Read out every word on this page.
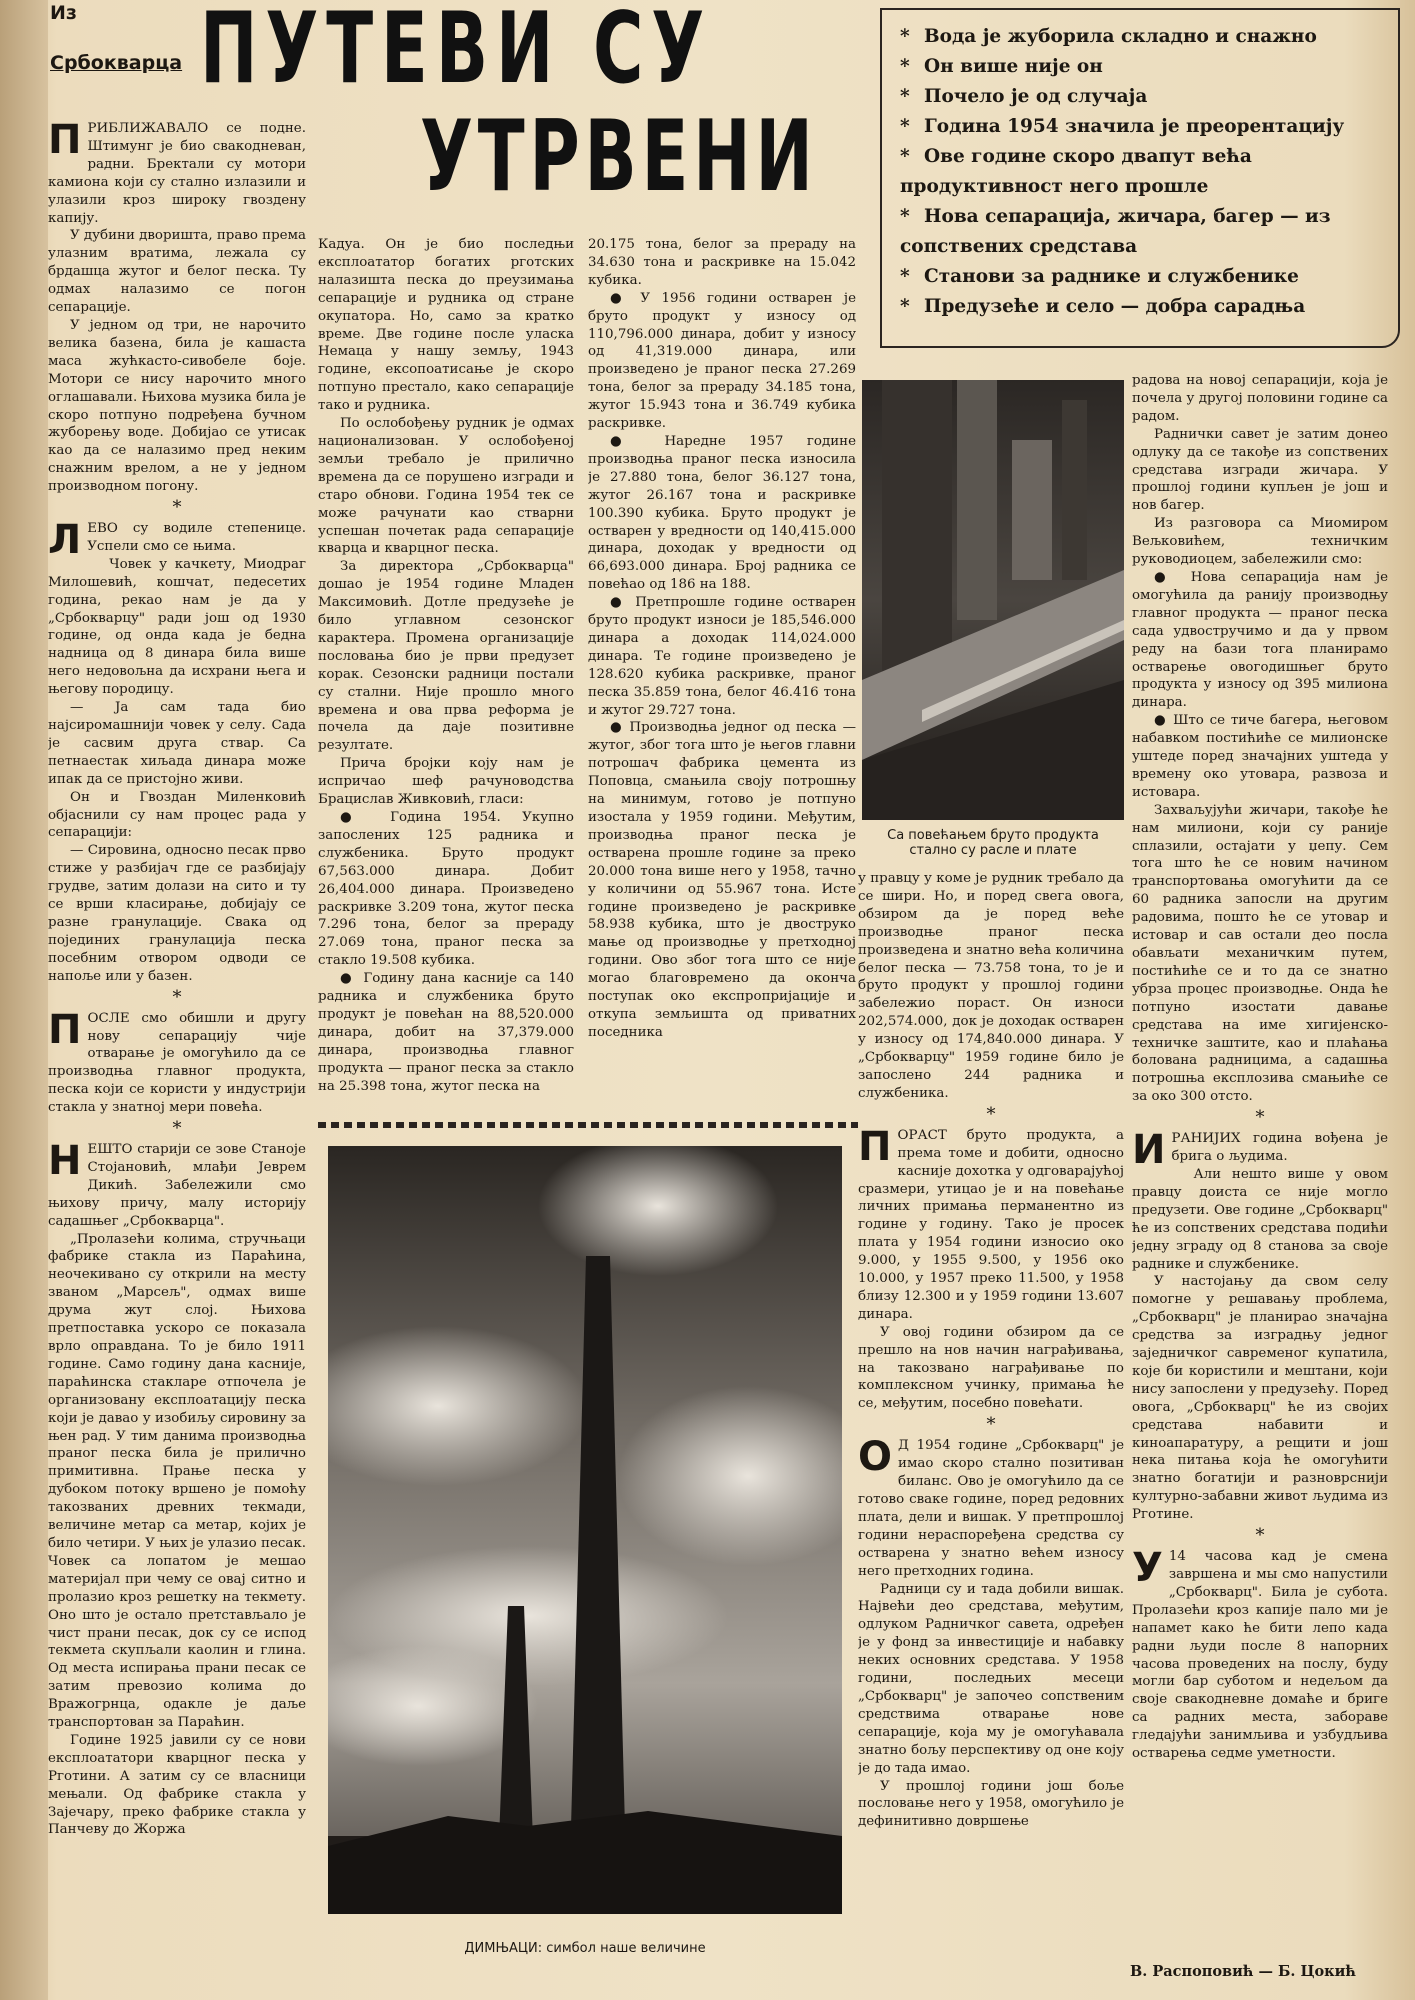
Из
Србокварца ПУТЕВИ СУ
УТРВЕНИ
* Вода је жуборила складно и снажно
* Он више није он
* Почело је од случаја
* Година 1954 значила је преорентацију
* Ове године скоро двапут већа продуктивност него прошле
* Нова сепарација, жичара, багер — из сопствених средстава
* Станови за раднике и службенике
* Предузеће и село — добра сарадња

ПРИБЛИЖАВАЛО се подне. Штимунг је био свакодневан, радни. Бректали су мотори камиона који су стално излазили и улазили кроз широку гвоздену капију.

У дубини дворишта, право према улазним вратима, лежала су брдашца жутог и белог песка. Ту одмах налазимо се погон сепарације.

У једном од три, не нарочито велика базена, била је кашаста маса жућкасто-сивобеле боје. Мотори се нису нарочито много оглашавали. Њихова музика била је скоро потпуно подређена бучном жуборењу воде. Добијао се утисак као да се налазимо пред неким снажним врелом, а не у једном производном погону.

*

ЛЕВО су водиле степенице. Успели смо се њима.

Човек у качкету, Миодраг Милошевић, кошчат, педесетих година, рекао нам је да у „Србокварцу" ради још од 1930 године, од онда када је бедна надница од 8 динара била више него недовољна да исхрани њега и његову породицу.

— Ја сам тада био најсиромашнији човек у селу. Сада је сасвим друга ствар. Са петнаестак хиљада динара може ипак да се пристојно живи.

Он и Гвоздан Миленковић објаснили су нам процес рада у сепарацији:

— Сировина, односно песак прво стиже у разбијач где се разбијају грудве, затим долази на сито и ту се врши класирање, добијају се разне гранулације. Свака од појединих гранулација песка посебним отвором одводи се напоље или у базен.

*

ПОСЛЕ смо обишли и другу нову сепарацију чије отварање је омогућило да се производња главног продукта, песка који се користи у индустрији стакла у знатној мери повећа.

*

НЕШТО старији се зове Станоје Стојановић, млађи Јеврем Дикић. Забележили смо њихову причу, малу историју садашњег „Србокварца".

„Пролазећи колима, стручњаци фабрике стакла из Параћина, неочекивано су открили на месту званом „Марсељ", одмах више друма жут слој. Њихова претпоставка ускоро се показала врло оправдана. То је било 1911 године. Само годину дана касније, параћинска стакларе отпочела је организовану експлоатацију песка који је давао у изобиљу сировину за њен рад. У тим данима производња праног песка била је прилично примитивна. Прање песка у дубоком потоку вршено је помоћу такозваних древних текмади, величине метар са метар, којих је било четири. У њих је улазио песак. Човек са лопатом је мешао материјал при чему се овај ситно и пролазио кроз решетку на текмету. Оно што је остало претстављало је чист прани песак, док су се испод текмета скупљали каолин и глина. Од места испирања прани песак се затим превозио колима до Вражогрнца, одакле је даље транспортован за Параћин.

Године 1925 јавили су се нови експлоататори кварцног песка у Рготини. А затим су се власници мењали. Од фабрике стакла у Зајечару, преко фабрике стакла у Панчеву до Жоржа

Кадуа. Он је био последњи експлоататор богатих рготских налазишта песка до преузимања сепарације и рудника од стране окупатора. Но, само за кратко време. Две године после уласка Немаца у нашу земљу, 1943 године, ексопоатисање је скоро потпуно престало, како сепарације тако и рудника.

По ослобођењу рудник је одмах национализован. У ослобођеној земљи требало је прилично времена да се порушено изгради и старо обнови. Година 1954 тек се може рачунати као стварни успешан почетак рада сепарације кварца и кварцног песка.

За директора „Србокварца" дошао је 1954 године Младен Максимовић. Дотле предузеће је било углавном сезонског карактера. Промена организације пословања био је први предузет корак. Сезонски радници постали су стални. Није прошло много времена и ова прва реформа је почела да даје позитивне резултате.

Прича бројки коју нам је испричао шеф рачуноводства Брацислав Живковић, гласи:

● Година 1954. Укупно запослених 125 радника и службеника. Бруто продукт 67,563.000 динара. Добит 26,404.000 динара. Произведено раскривке 3.209 тона, жутог песка 7.296 тона, белог за прераду 27.069 тона, праног песка за стакло 19.508 кубика.

● Годину дана касније са 140 радника и службеника бруто продукт је повећан на 88,520.000 динара, добит на 37,379.000 динара, производња главног продукта — праног песка за стакло на 25.398 тона, жутог песка на

20.175 тона, белог за прераду на 34.630 тона и раскривке на 15.042 кубика.

● У 1956 години остварен је бруто продукт у износу од 110,796.000 динара, добит у износу од 41,319.000 динара, или произведено је праног песка 27.269 тона, белог за прераду 34.185 тона, жутог 15.943 тона и 36.749 кубика раскривке.

● Наредне 1957 године производња праног песка износила је 27.880 тона, белог 36.127 тона, жутог 26.167 тона и раскривке 100.390 кубика. Бруто продукт је остварен у вредности од 140,415.000 динара, доходак у вредности од 66,693.000 динара. Број радника се повећао од 186 на 188.

● Претпрошле године остварен бруто продукт износи је 185,546.000 динара а доходак 114,024.000 динара. Те године произведено је 128.620 кубика раскривке, праног песка 35.859 тона, белог 46.416 тона и жутог 29.727 тона.

● Производња једног од песка — жутог, због тога што је његов главни потрошач фабрика цемента из Поповца, смањила своју потрошњу на минимум, готово је потпуно изостала у 1959 години. Међутим, производња праног песка је остварена прошле године за преко 20.000 тона више него у 1958, тачно у количини од 55.967 тона. Исте године произведено је раскривке 58.938 кубика, што је двоструко мање од производње у претходној години. Ово због тога што се није могао благовремено да оконча поступак око експропријације и откупа земљишта од приватних поседника

Са повећањем бруто продукта стално су расле и плате

у правцу у коме је рудник требало да се шири. Но, и поред свега овога, обзиром да је поред веће производње праног песка произведена и знатно већа количина белог песка — 73.758 тона, то је и бруто продукт у прошлој години забележио пораст. Он износи 202,574.000, док је доходак остварен у износу од 174,840.000 динара. У „Србокварцу" 1959 године било је запослено 244 радника и службеника.

*

ПОРАСТ бруто продукта, а према томе и добити, односно касније дохотка у одговарајућој сразмери, утицао је и на повећање личних примања перманентно из године у годину. Тако је просек плата у 1954 години износио око 9.000, у 1955 9.500, у 1956 око 10.000, у 1957 преко 11.500, у 1958 близу 12.300 и у 1959 години 13.607 динара.

У овој години обзиром да се прешло на нов начин награђивања, на такозвано награђивање по комплексном учинку, примања ће се, међутим, посебно повећати.

*

О Д 1954 године „Србокварц" је имао скоро стално позитиван биланс. Ово је омогућило да се готово сваке године, поред редовних плата, дели и вишак. У претпрошлој години нераспоређена средства су остварена у знатно већем износу него претходних година.

Радници су и тада добили вишак. Највећи део средстава, међутим, одлуком Радничког савета, одређен је у фонд за инвестиције и набавку неких основних средстава. У 1958 години, последњих месеци „Србокварц" је започео сопственим средствима отварање нове сепарације, која му је омогућавала знатно бољу перспективу од оне коју је до тада имао.

У прошлој години још боље пословање него у 1958, омогућило је дефинитивно довршење

радова на новој сепарацији, која је почела у другој половини године са радом.

Раднички савет је затим донео одлуку да се такође из сопствених средстава изгради жичара. У прошлој години купљен је још и нов багер.

Из разговора са Миомиром Вељковићем, техничким руководиоцем, забележили смо:

● Нова сепарација нам је омогућила да ранију производњу главног продукта — праног песка сада удвостручимо и да у првом реду на бази тога планирамо остварење овогодишњег бруто продукта у износу од 395 милиона динара.

● Што се тиче багера, његовом набавком постићиће се милионске уштеде поред значајних уштеда у времену око утовара, развоза и истовара.

Захваљујући жичари, такође ће нам милиони, који су раније сплазили, остајати у џепу. Сем тога што ће се новим начином транспортовања омогућити да се 60 радника запосли на другим радовима, пошто ће се утовар и истовар и сав остали део посла обављати механичким путем, постићиће се и то да се знатно убрза процес производње. Онда ће потпуно изостати давање средстава на име хигијенско-техничке заштите, као и плаћања болована радницима, а садашња потрошња експлозива смањиће се за око 300 отсто.

*

ИРАНИЈИХ година вођена је брига о људима.

Али нешто више у овом правцу доиста се није могло предузети. Ове године „Србокварц" ће из сопствених средстава подићи једну зграду од 8 станова за своје раднике и службенике.

У настојању да свом селу помогне у решавању проблема, „Србокварц" је планирао значајна средства за изградњу једног заједничког савременог купатила, које би користили и мештани, који нису запослени у предузећу. Поред овога, „Србокварц" ће из својих средстава набавити и киноапаратуру, а рещити и још нека питања која ће омогућити знатно богатији и разноврснији културно-забавни живот људима из Рготине.

*

У 14 часова кад је смена завршена и мы смо напустили „Србокварц". Била је субота. Пролазећи кроз капије пало ми је напамет како ће бити лепо када радни људи после 8 напорних часова проведених на послу, буду могли бар суботом и недељом да своје свакодневне домаће и бриге са радних места, забораве гледајући занимљива и узбудљива остварења седме уметности.

ДИМЊАЦИ: симбол наше величине
В. Распоповић — Б. Цокић
